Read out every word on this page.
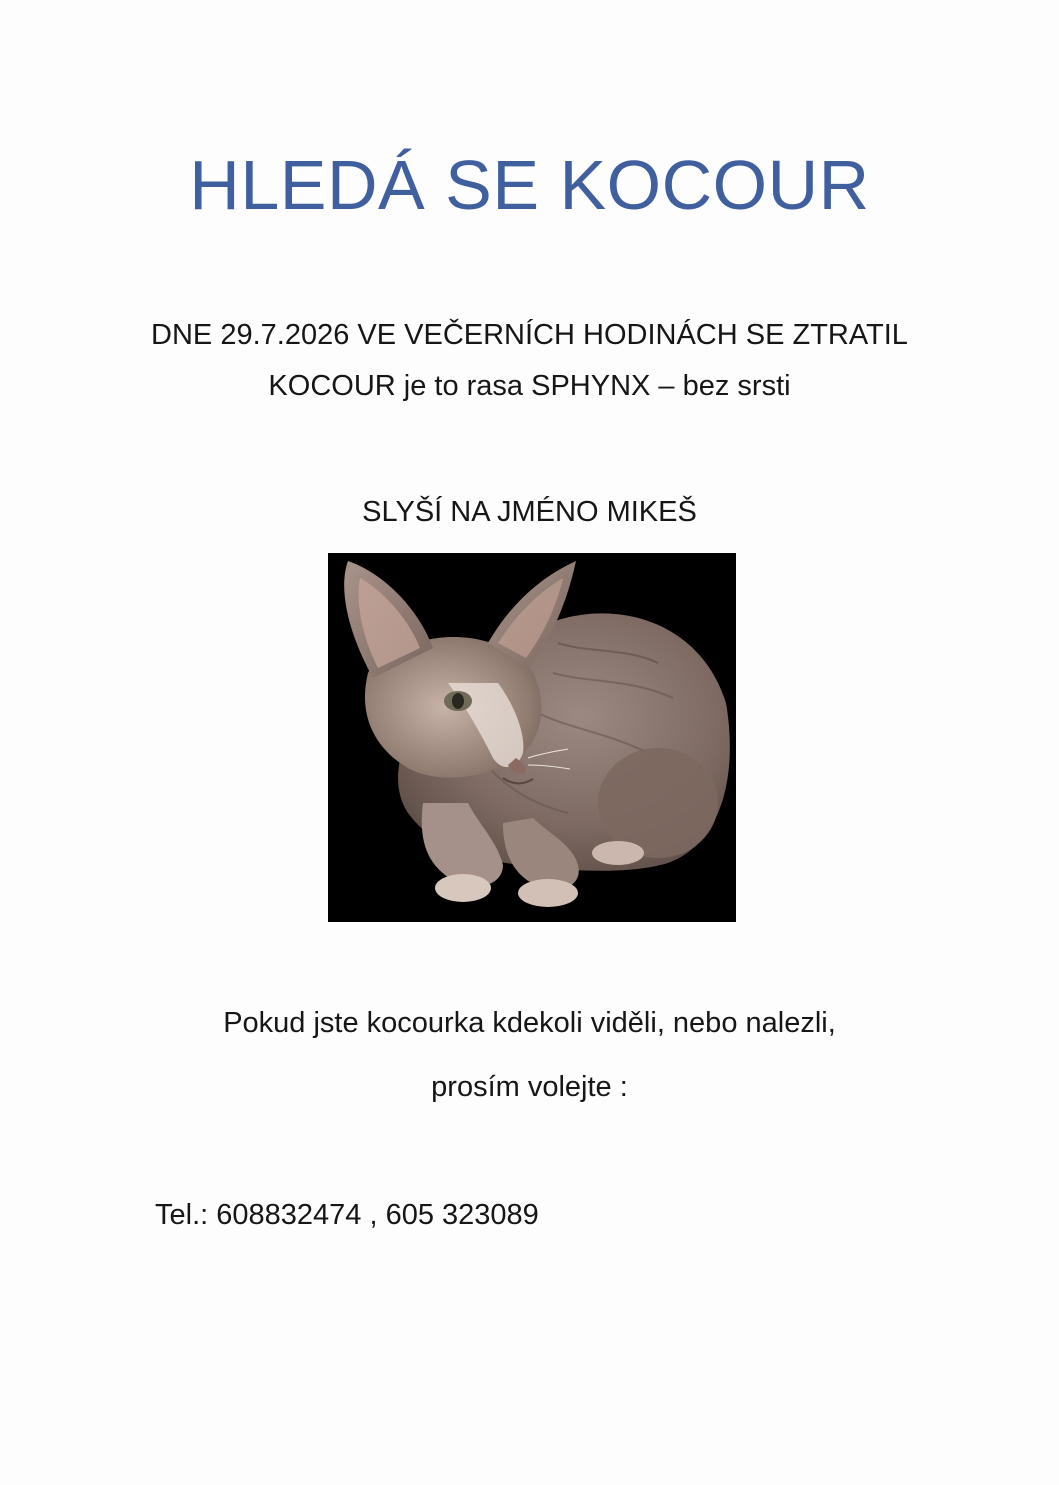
HLEDÁ SE KOCOUR
DNE 29.7.2026 VE VEČERNÍCH HODINÁCH SE ZTRATIL
KOCOUR je to rasa SPHYNX – bez srsti
SLYŠÍ NA JMÉNO MIKEŠ
Pokud jste kocourka kdekoli viděli, nebo nalezli,
prosím volejte :
Tel.: 608832474 , 605 323089
